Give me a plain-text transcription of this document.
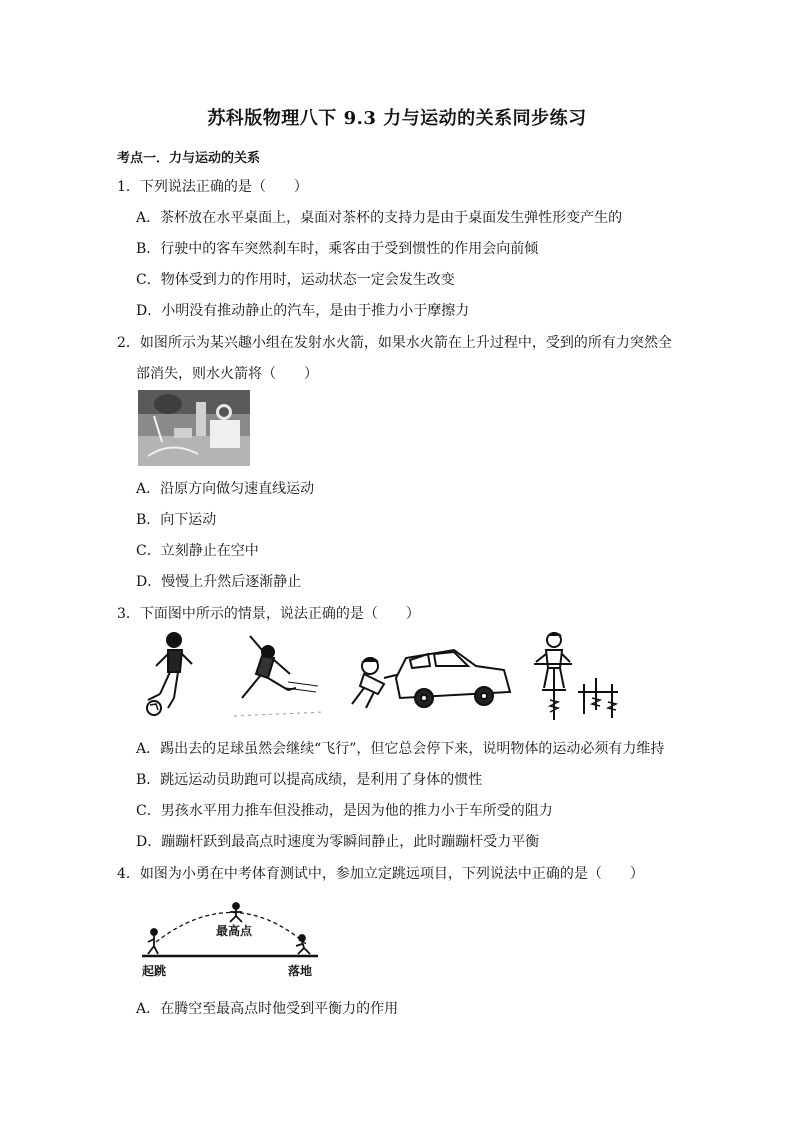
苏科版物理八下 9.3 力与运动的关系同步练习
考点一．力与运动的关系
1．下列说法正确的是（　　）
A．茶杯放在水平桌面上，桌面对茶杯的支持力是由于桌面发生弹性形变产生的
B．行驶中的客车突然刹车时，乘客由于受到惯性的作用会向前倾
C．物体受到力的作用时，运动状态一定会发生改变
D．小明没有推动静止的汽车，是由于推力小于摩擦力
2．如图所示为某兴趣小组在发射水火箭，如果水火箭在上升过程中，受到的所有力突然全
部消失，则水火箭将（　　）
A．沿原方向做匀速直线运动
B．向下运动
C．立刻静止在空中
D．慢慢上升然后逐渐静止
3．下面图中所示的情景，说法正确的是（　　）
A．踢出去的足球虽然会继续“飞行”，但它总会停下来，说明物体的运动必须有力维持
B．跳远运动员助跑可以提高成绩，是利用了身体的惯性
C．男孩水平用力推车但没推动，是因为他的推力小于车所受的阻力
D．蹦蹦杆跃到最高点时速度为零瞬间静止，此时蹦蹦杆受力平衡
4．如图为小勇在中考体育测试中，参加立定跳远项目，下列说法中正确的是（　　）
最高点
起跳	落地
A．在腾空至最高点时他受到平衡力的作用
